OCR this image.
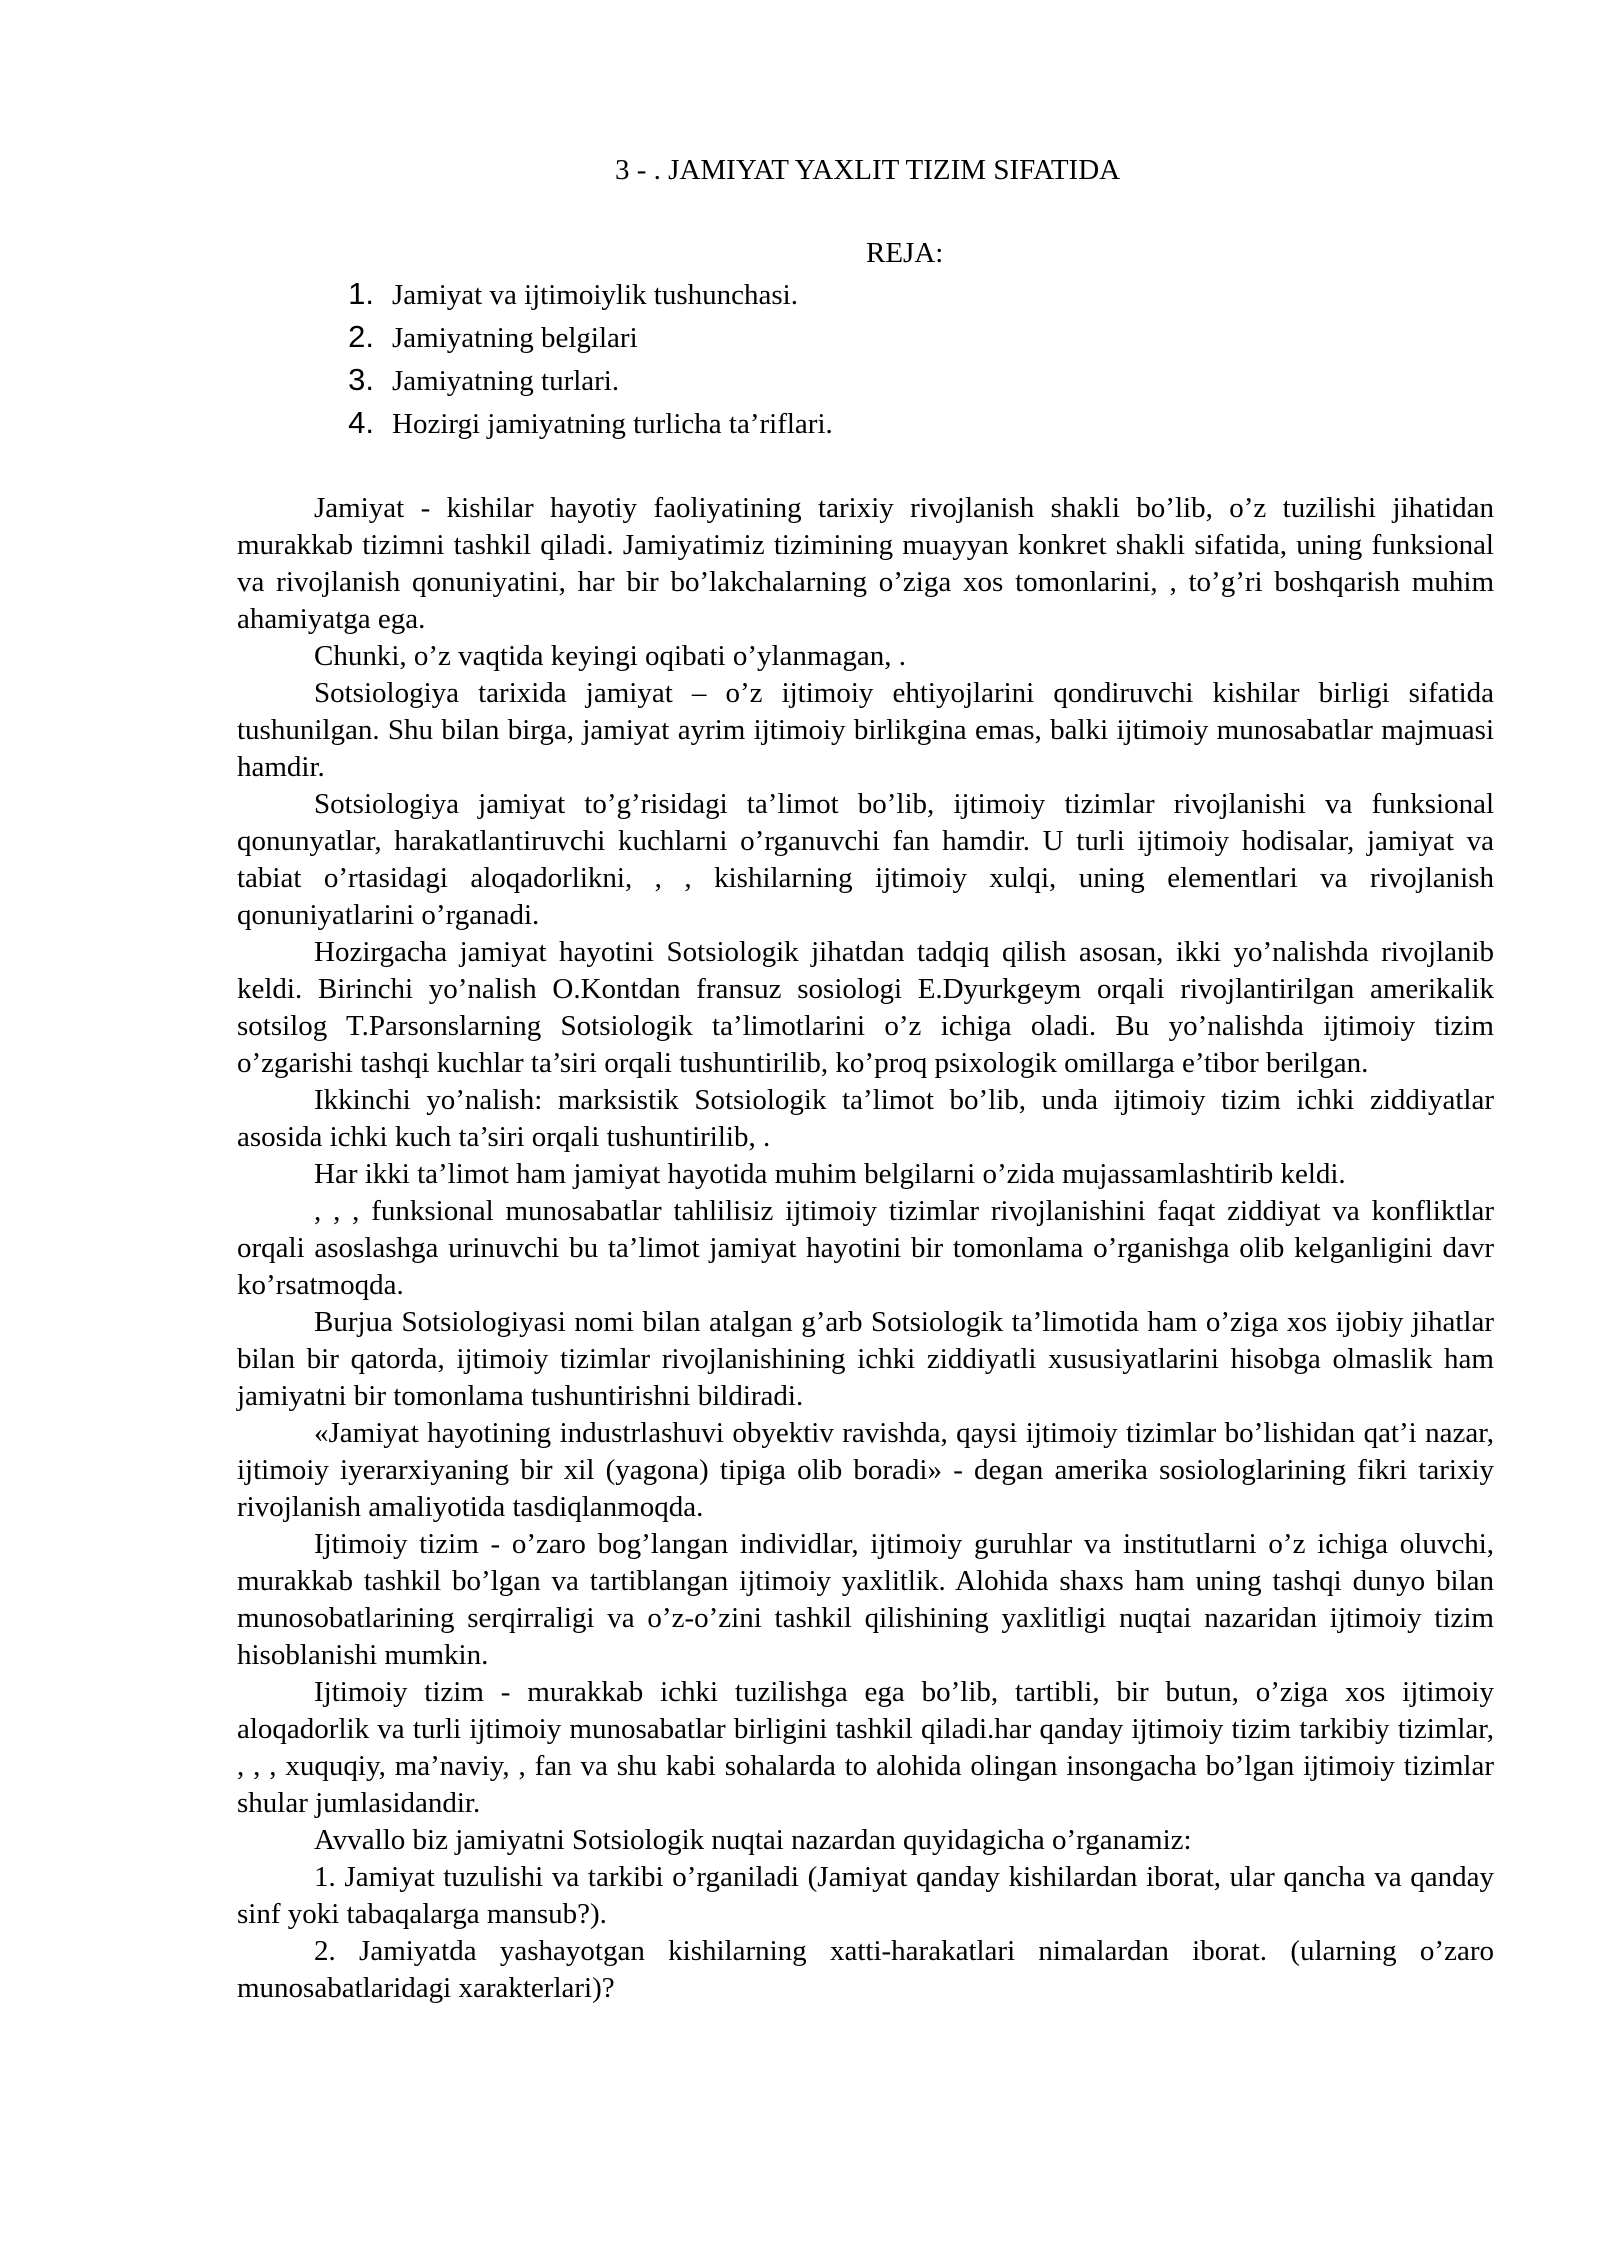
3 - . JAMIYAT YAXLIT TIZIM SIFATIDA
REJA:
1. Jamiyat va ijtimoiylik tushunchasi.
2. Jamiyatning belgilari
3. Jamiyatning turlari.
4. Hozirgi jamiyatning turlicha ta’riflari.

Jamiyat - kishilar hayotiy faoliyatining tarixiy rivojlanish shakli bo’lib, o’z tuzilishi jihatidan murakkab tizimni tashkil qiladi. Jamiyatimiz tizimining muayyan konkret shakli sifatida, uning funksional va rivojlanish qonuniyatini, har bir bo’lakchalarning o’ziga xos tomonlarini, , to’g’ri boshqarish muhim ahamiyatga ega.

Chunki, o’z vaqtida keyingi oqibati o’ylanmagan, .

Sotsiologiya tarixida jamiyat – o’z ijtimoiy ehtiyojlarini qondiruvchi kishilar birligi sifatida tushunilgan. Shu bilan birga, jamiyat ayrim ijtimoiy birlikgina emas, balki ijtimoiy munosabatlar majmuasi hamdir.

Sotsiologiya jamiyat to’g’risidagi ta’limot bo’lib, ijtimoiy tizimlar rivojlanishi va funksional qonunyatlar, harakatlantiruvchi kuchlarni o’rganuvchi fan hamdir. U turli ijtimoiy hodisalar, jamiyat va tabiat o’rtasidagi aloqadorlikni, , , kishilarning ijtimoiy xulqi, uning elementlari va rivojlanish qonuniyatlarini o’rganadi.

Hozirgacha jamiyat hayotini Sotsiologik jihatdan tadqiq qilish asosan, ikki yo’nalishda rivojlanib keldi. Birinchi yo’nalish O.Kontdan fransuz sosiologi E.Dyurkgeym orqali rivojlantirilgan amerikalik sotsilog T.Parsonslarning Sotsiologik ta’limotlarini o’z ichiga oladi. Bu yo’nalishda ijtimoiy tizim o’zgarishi tashqi kuchlar ta’siri orqali tushuntirilib, ko’proq psixologik omillarga e’tibor berilgan.

Ikkinchi yo’nalish: marksistik Sotsiologik ta’limot bo’lib, unda ijtimoiy tizim ichki ziddiyatlar asosida ichki kuch ta’siri orqali tushuntirilib, .

Har ikki ta’limot ham jamiyat hayotida muhim belgilarni o’zida mujassamlashtirib keldi.

, , , funksional munosabatlar tahlilisiz ijtimoiy tizimlar rivojlanishini faqat ziddiyat va konfliktlar orqali asoslashga urinuvchi bu ta’limot jamiyat hayotini bir tomonlama o’rganishga olib kelganligini davr ko’rsatmoqda.

Burjua Sotsiologiyasi nomi bilan atalgan g’arb Sotsiologik ta’limotida ham o’ziga xos ijobiy jihatlar bilan bir qatorda, ijtimoiy tizimlar rivojlanishining ichki ziddiyatli xususiyatlarini hisobga olmaslik ham jamiyatni bir tomonlama tushuntirishni bildiradi.

«Jamiyat hayotining industrlashuvi obyektiv ravishda, qaysi ijtimoiy tizimlar bo’lishidan qat’i nazar, ijtimoiy iyerarxiyaning bir xil (yagona) tipiga olib boradi» - degan amerika sosiologlarining fikri tarixiy rivojlanish amaliyotida tasdiqlanmoqda.

Ijtimoiy tizim - o’zaro bog’langan individlar, ijtimoiy guruhlar va institutlarni o’z ichiga oluvchi, murakkab tashkil bo’lgan va tartiblangan ijtimoiy yaxlitlik. Alohida shaxs ham uning tashqi dunyo bilan munosobatlarining serqirraligi va o’z-o’zini tashkil qilishining yaxlitligi nuqtai nazaridan ijtimoiy tizim hisoblanishi mumkin.

Ijtimoiy tizim - murakkab ichki tuzilishga ega bo’lib, tartibli, bir butun, o’ziga xos ijtimoiy aloqadorlik va turli ijtimoiy munosabatlar birligini tashkil qiladi.har qanday ijtimoiy tizim tarkibiy tizimlar, , , , xuquqiy, ma’naviy, , fan va shu kabi sohalarda to alohida olingan insongacha bo’lgan ijtimoiy tizimlar shular jumlasidandir.

Avvallo biz jamiyatni Sotsiologik nuqtai nazardan quyidagicha o’rganamiz:

1. Jamiyat tuzulishi va tarkibi o’rganiladi (Jamiyat qanday kishilardan iborat, ular qancha va qanday sinf yoki tabaqalarga mansub?).

2. Jamiyatda yashayotgan kishilarning xatti-harakatlari nimalardan iborat. (ularning o’zaro munosabatlaridagi xarakterlari)?
